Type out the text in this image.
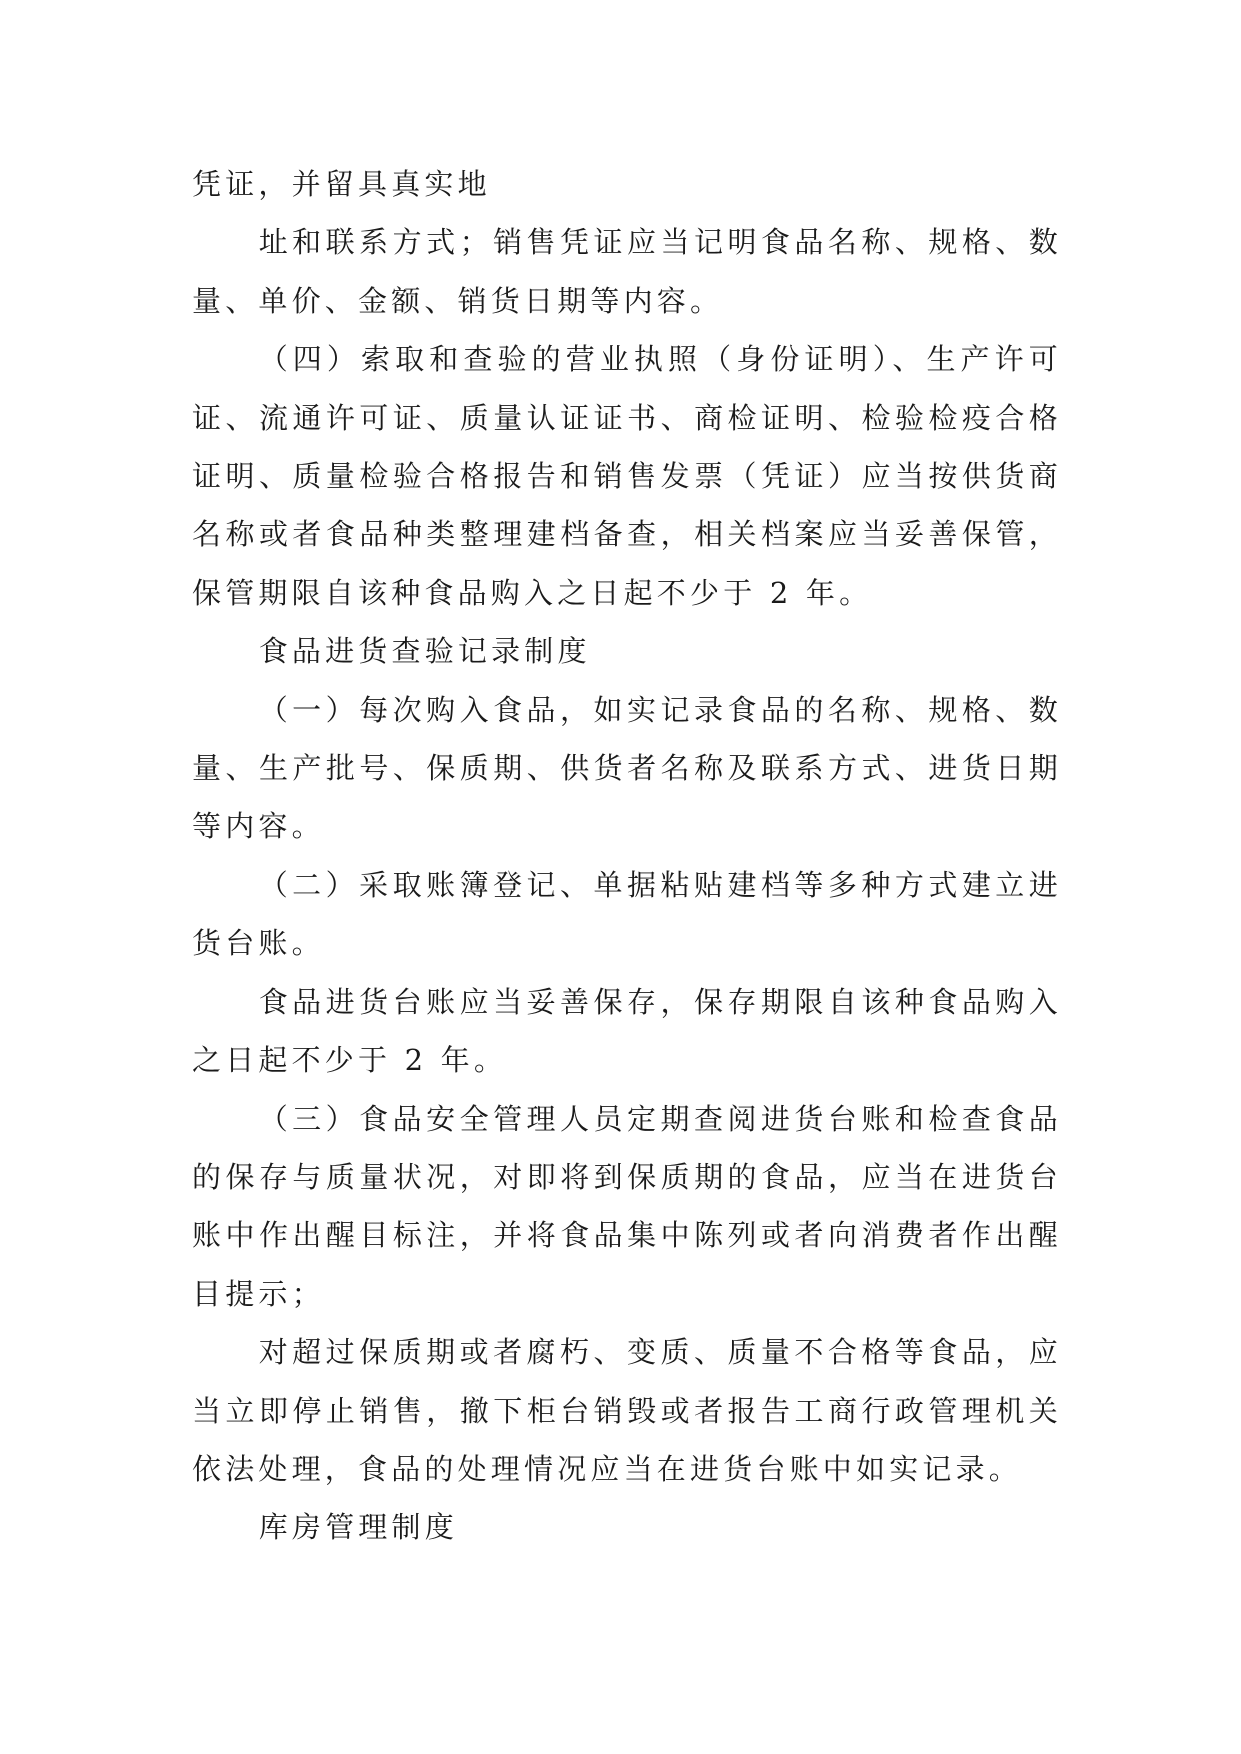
凭证，并留具真实地

址和联系方式；销售凭证应当记明食品名称、规格、数量、单价、金额、销货日期等内容。

（四）索取和查验的营业执照（身份证明）、生产许可证、流通许可证、质量认证证书、商检证明、检验检疫合格证明、质量检验合格报告和销售发票（凭证）应当按供货商名称或者食品种类整理建档备查，相关档案应当妥善保管，保管期限自该种食品购入之日起不少于 2 年。

食品进货查验记录制度

（一）每次购入食品，如实记录食品的名称、规格、数量、生产批号、保质期、供货者名称及联系方式、进货日期等内容。

（二）采取账簿登记、单据粘贴建档等多种方式建立进货台账。

食品进货台账应当妥善保存，保存期限自该种食品购入之日起不少于 2 年。

（三）食品安全管理人员定期查阅进货台账和检查食品的保存与质量状况，对即将到保质期的食品，应当在进货台账中作出醒目标注，并将食品集中陈列或者向消费者作出醒目提示；

对超过保质期或者腐朽、变质、质量不合格等食品，应当立即停止销售，撤下柜台销毁或者报告工商行政管理机关依法处理，食品的处理情况应当在进货台账中如实记录。

库房管理制度
